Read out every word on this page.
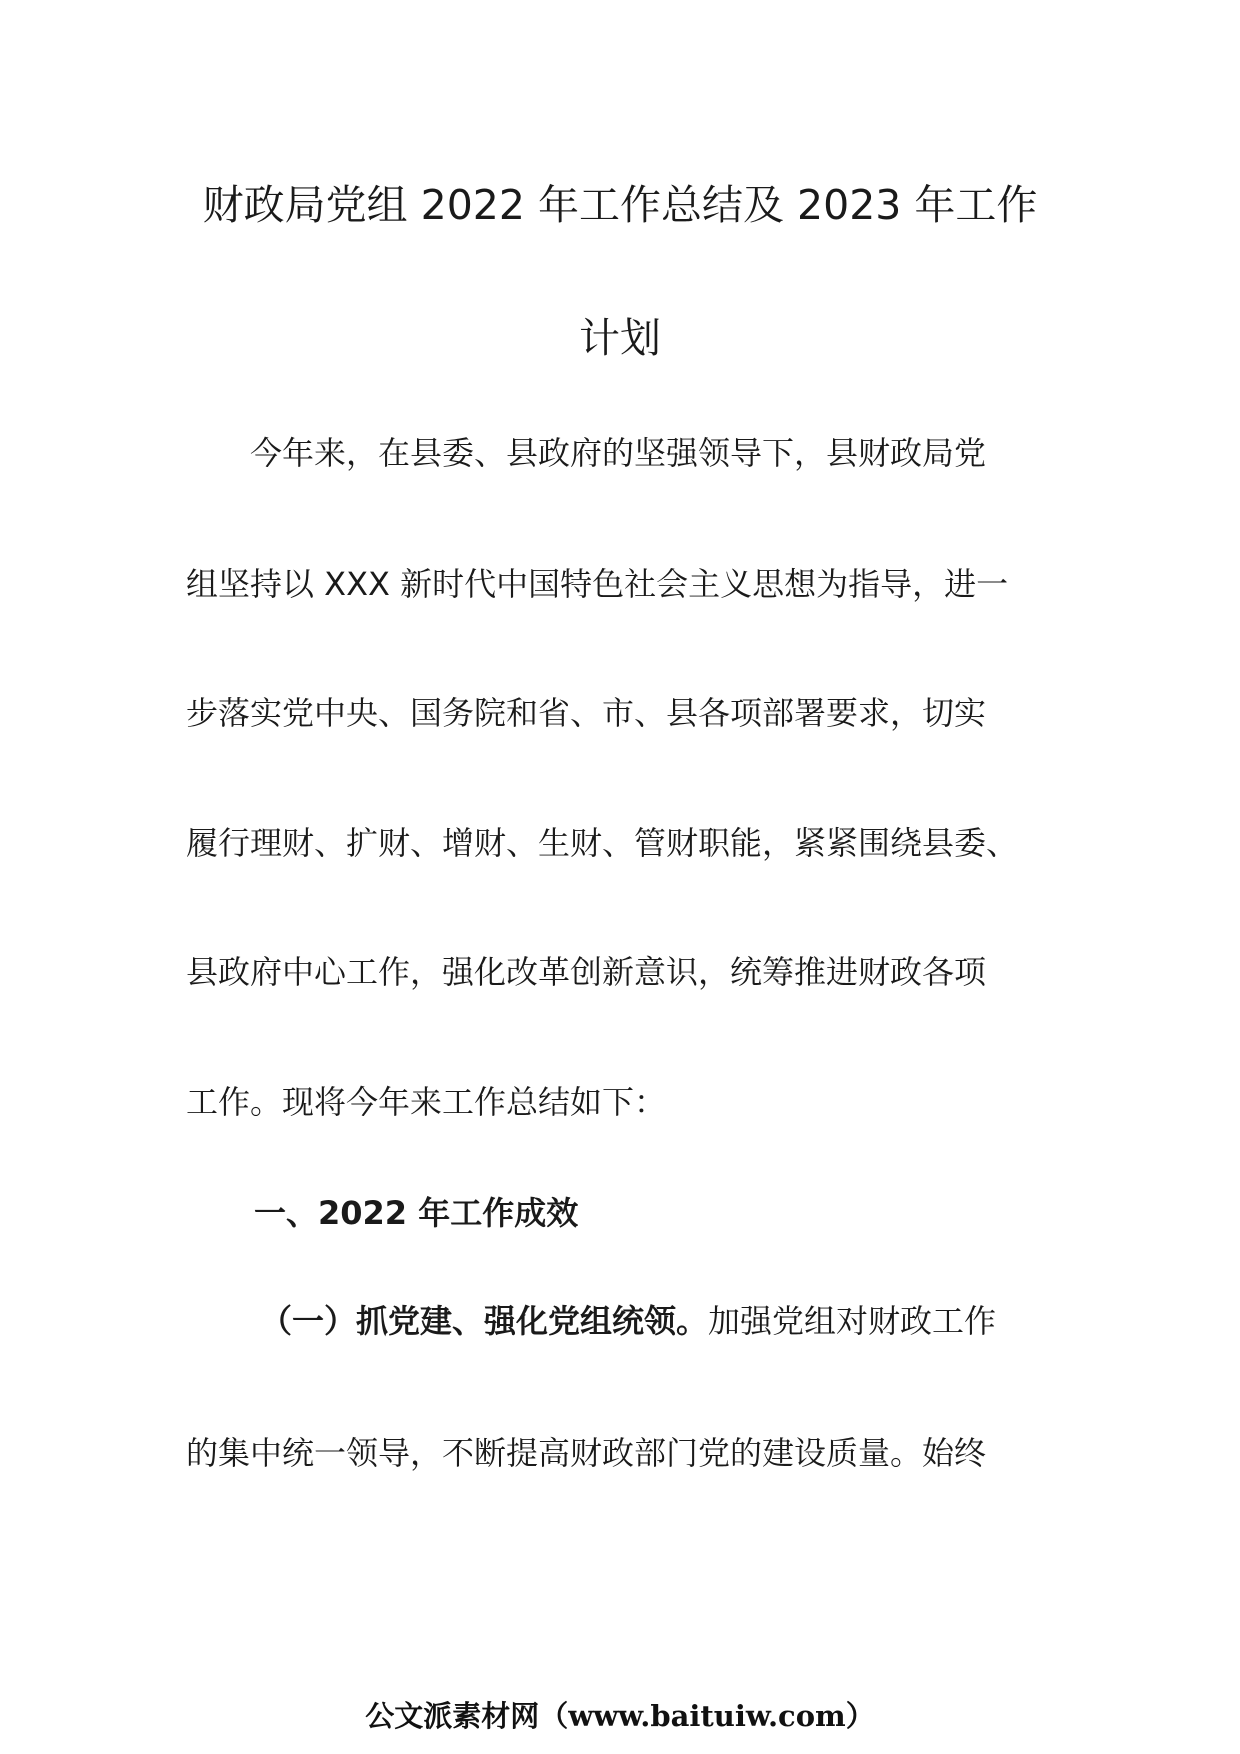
财政局党组 2022 年工作总结及 2023 年工作
计划
今年来，在县委、县政府的坚强领导下，县财政局党
组坚持以 XXX 新时代中国特色社会主义思想为指导，进一
步落实党中央、国务院和省、市、县各项部署要求，切实
履行理财、扩财、增财、生财、管财职能，紧紧围绕县委、
县政府中心工作，强化改革创新意识，统筹推进财政各项
工作。现将今年来工作总结如下：
一、2022 年工作成效
（一）抓党建、强化党组统领。加强党组对财政工作
的集中统一领导，不断提高财政部门党的建设质量。始终
公文派素材网（www.baituiw.com）
